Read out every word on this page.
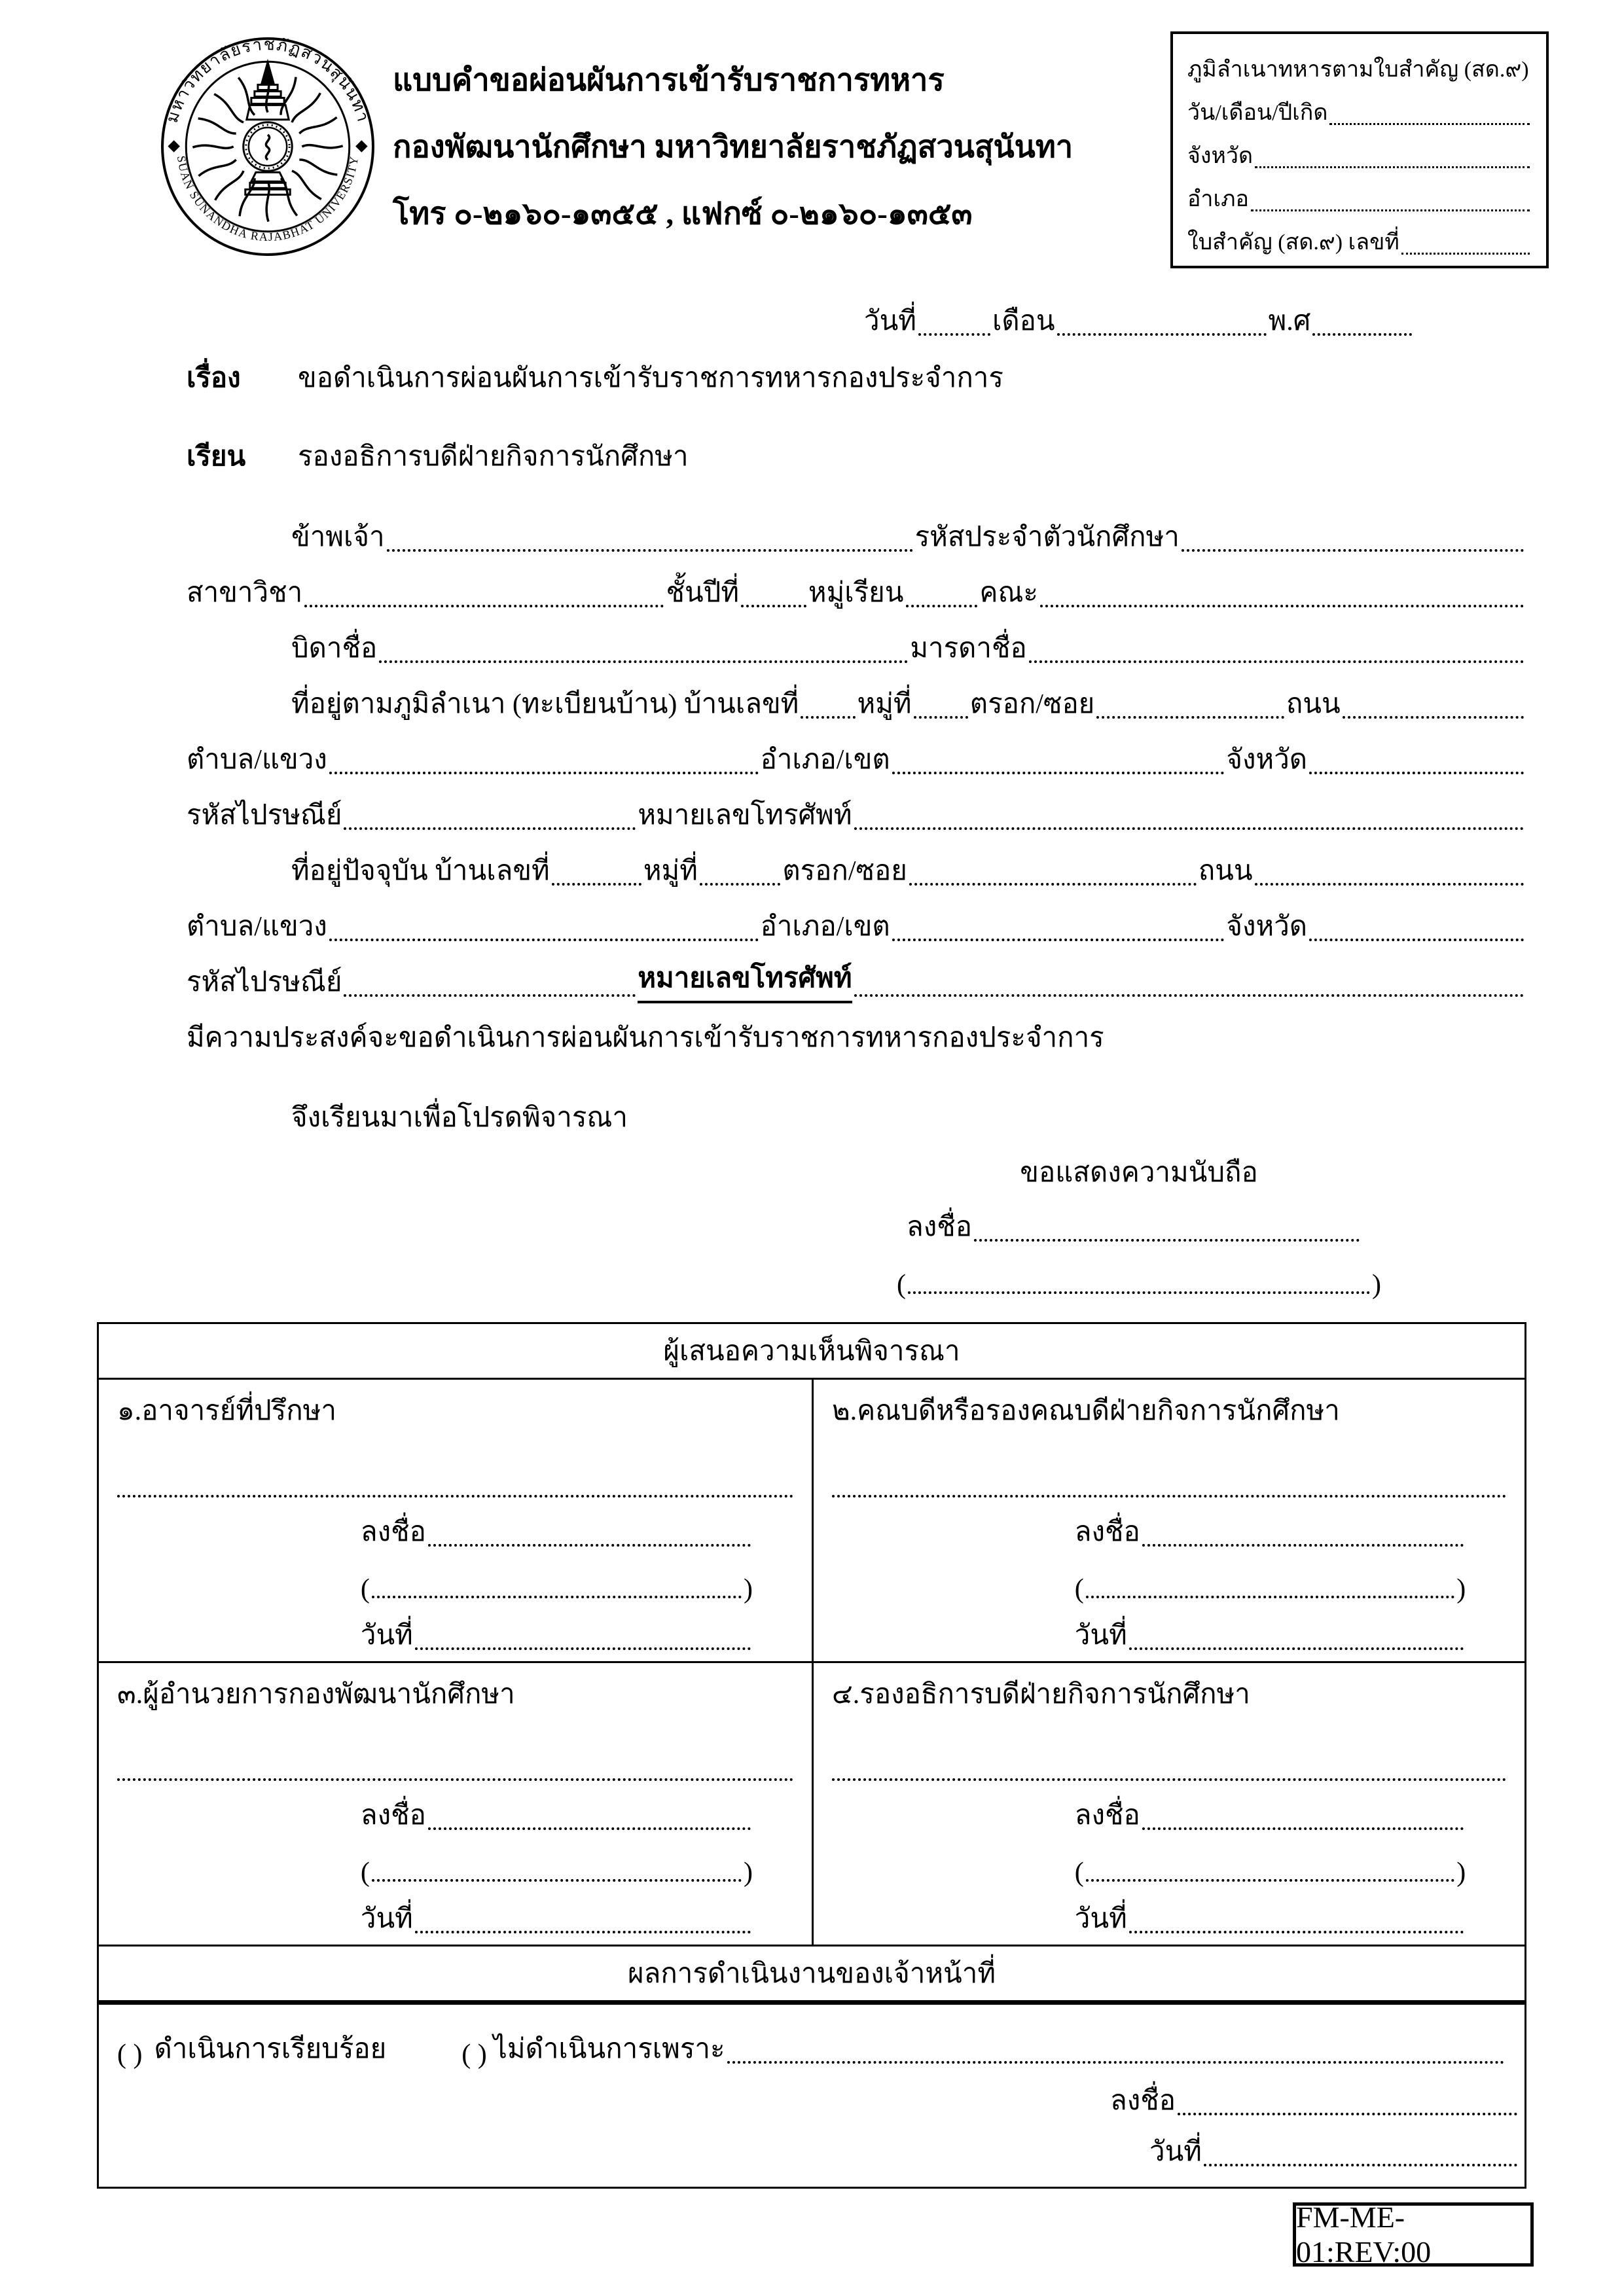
มหาวิทยาลัยราชภัฏสวนสุนันทา
SUAN SUNANDHA RAJABHAT UNIVERSITY
แบบคำขอผ่อนผันการเข้ารับราชการทหาร
กองพัฒนานักศึกษา มหาวิทยาลัยราชภัฏสวนสุนันทา
โทร ๐-๒๑๖๐-๑๓๕๕ , แฟกซ์ ๐-๒๑๖๐-๑๓๕๓
ภูมิลำเนาทหารตามใบสำคัญ (สด.๙)
วัน/เดือน/ปีเกิด
จังหวัด
อำเภอ
ใบสำคัญ (สด.๙) เลขที่
วันที่	เดือน	พ.ศ
เรื่อง	ขอดำเนินการผ่อนผันการเข้ารับราชการทหารกองประจำการ
เรียน	รองอธิการบดีฝ่ายกิจการนักศึกษา
ข้าพเจ้า	รหัสประจำตัวนักศึกษา
สาขาวิชา	ชั้นปีที่	หมู่เรียน	คณะ
บิดาชื่อ	มารดาชื่อ
ที่อยู่ตามภูมิลำเนา (ทะเบียนบ้าน) บ้านเลขที่ หมู่ที่ ตรอก/ซอย	ถนน
ตำบล/แขวง	อำเภอ/เขต	จังหวัด
รหัสไปรษณีย์	หมายเลขโทรศัพท์
ที่อยู่ปัจจุบัน บ้านเลขที่	หมู่ที่	ตรอก/ซอย	ถนน
ตำบล/แขวง	อำเภอ/เขต	จังหวัด
รหัสไปรษณีย์	หมายเลขโทรศัพท์
มีความประสงค์จะขอดำเนินการผ่อนผันการเข้ารับราชการทหารกองประจำการ
จึงเรียนมาเพื่อโปรดพิจารณา
ขอแสดงความนับถือ
ลงชื่อ
(	)
ผู้เสนอความเห็นพิจารณา
๑.อาจารย์ที่ปรึกษา
ลงชื่อ
(	)
วันที่
๒.คณบดีหรือรองคณบดีฝ่ายกิจการนักศึกษา
ลงชื่อ
(	)
วันที่
๓.ผู้อำนวยการกองพัฒนานักศึกษา
ลงชื่อ
(	)
วันที่
๔.รองอธิการบดีฝ่ายกิจการนักศึกษา
ลงชื่อ
(	)
วันที่
ผลการดำเนินงานของเจ้าหน้าที่
( ) ดำเนินการเรียบร้อย	( ) ไม่ดำเนินการเพราะ
ลงชื่อ
วันที่
FM-ME-01:REV:00
